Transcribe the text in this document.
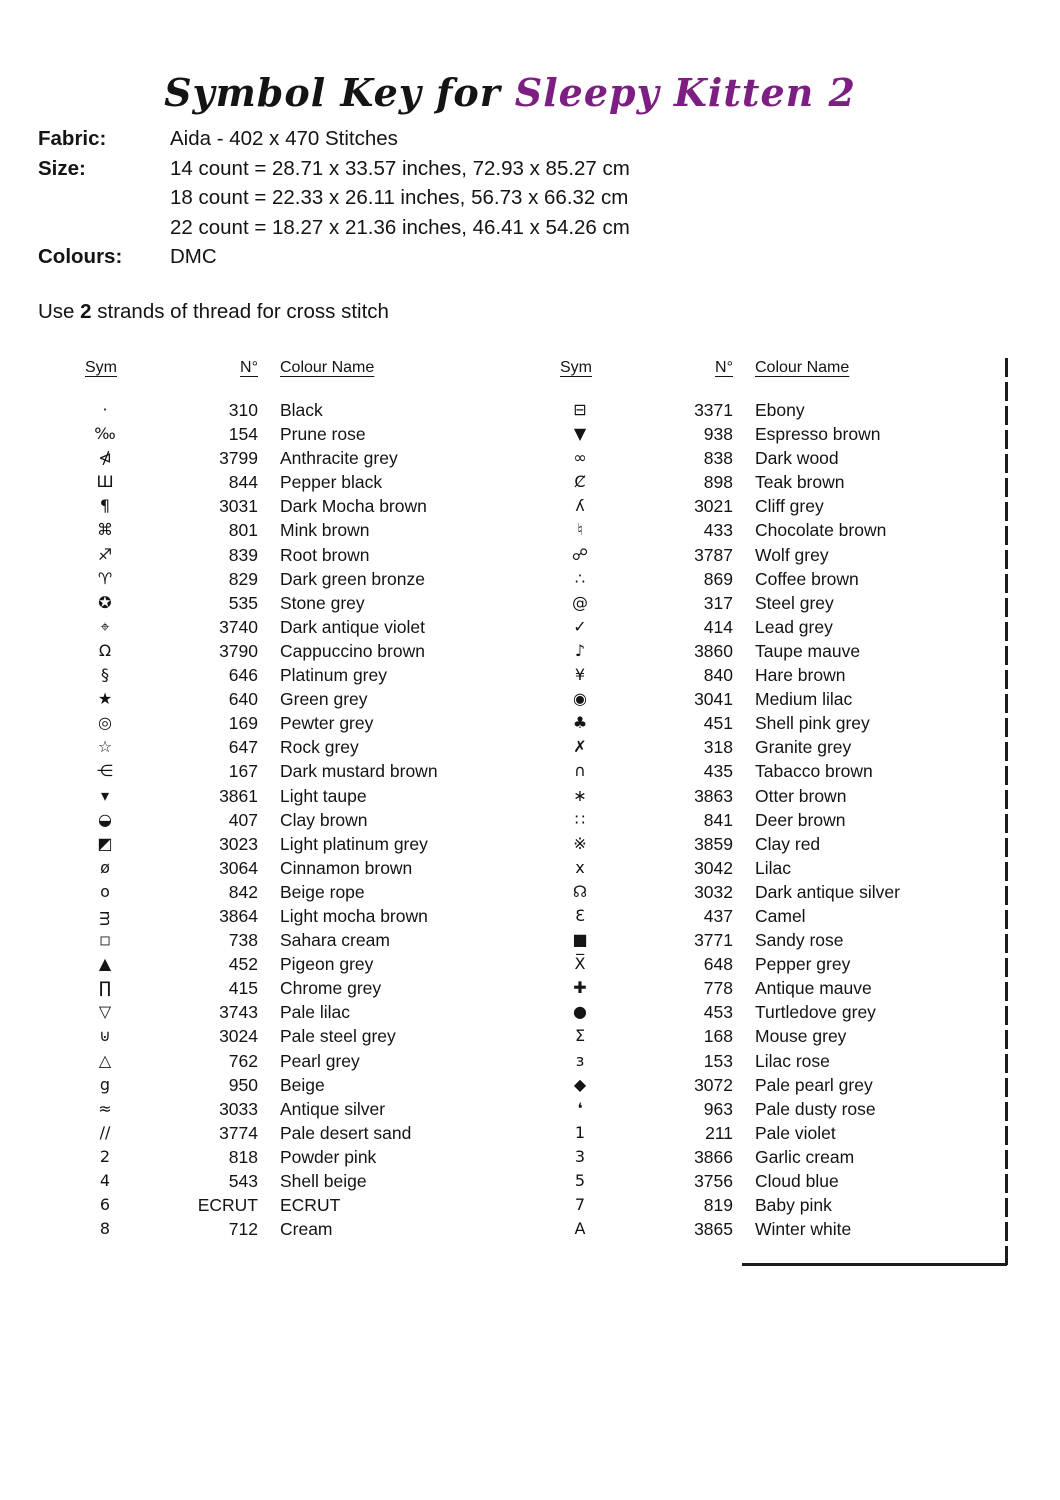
Symbol Key for Sleepy Kitten 2
Fabric:	Aida - 402 x 470 Stitches
Size:	14 count = 28.71 x 33.57 inches, 72.93 x 85.27 cm
18 count = 22.33 x 26.11 inches, 56.73 x 66.32 cm
22 count = 18.27 x 21.36 inches, 46.41 x 54.26 cm
Colours:	DMC
Use 2 strands of thread for cross stitch
Sym	N°	Colour Name
·	310	Black
‰	154	Prune rose
⋪	3799	Anthracite grey
Ш	844	Pepper black
¶	3031	Dark Mocha brown
⌘	801	Mink brown
♐	839	Root brown
♈	829	Dark green bronze
✪	535	Stone grey
⌖	3740	Dark antique violet
Ω	3790	Cappuccino brown
§	646	Platinum grey
★	640	Green grey
◎	169	Pewter grey
☆	647	Rock grey
⋲	167	Dark mustard brown
▾	3861	Light taupe
◒	407	Clay brown
◩	3023	Light platinum grey
ø	3064	Cinnamon brown
o	842	Beige rope
ᴟ	3864	Light mocha brown
◽	738	Sahara cream
▲	452	Pigeon grey
∏	415	Chrome grey
▽	3743	Pale lilac
⊍	3024	Pale steel grey
△	762	Pearl grey
g	950	Beige
≈	3033	Antique silver
∕∕	3774	Pale desert sand
2	818	Powder pink
4	543	Shell beige
6	ECRUT	ECRUT
8	712	Cream
Sym	N°	Colour Name
⊟	3371	Ebony
▼	938	Espresso brown
∞	838	Dark wood
Ȼ	898	Teak brown
ʎ	3021	Cliff grey
♮	433	Chocolate brown
☍	3787	Wolf grey
∴	869	Coffee brown
@	317	Steel grey
✓	414	Lead grey
♪	3860	Taupe mauve
¥	840	Hare brown
◉	3041	Medium lilac
♣	451	Shell pink grey
✗	318	Granite grey
∩	435	Tabacco brown
∗	3863	Otter brown
∷	841	Deer brown
※	3859	Clay red
x	3042	Lilac
☊	3032	Dark antique silver
Ɛ	437	Camel
■	3771	Sandy rose
X̅	648	Pepper grey
✚	778	Antique mauve
●	453	Turtledove grey
Σ	168	Mouse grey
ɜ	153	Lilac rose
◆	3072	Pale pearl grey
❛	963	Pale dusty rose
1	211	Pale violet
3	3866	Garlic cream
5	3756	Cloud blue
7	819	Baby pink
A	3865	Winter white
